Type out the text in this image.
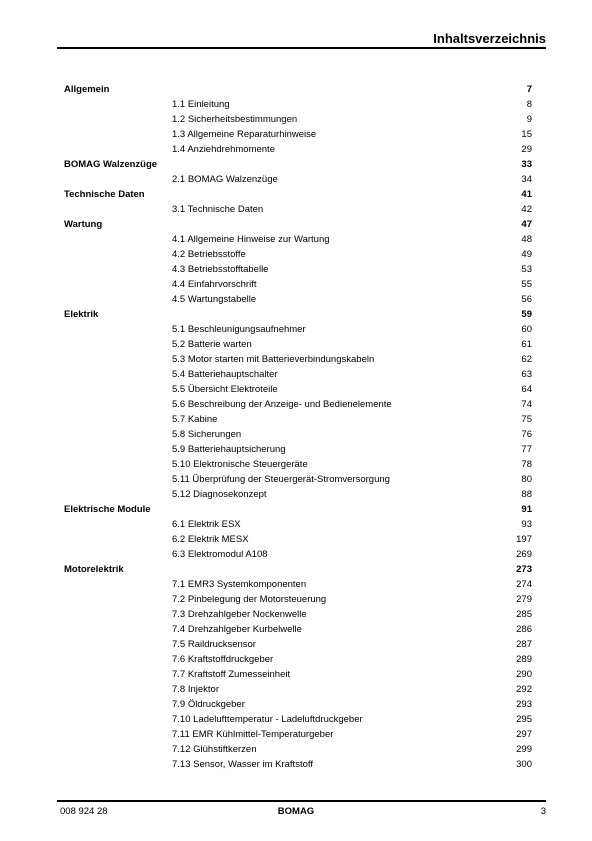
Inhaltsverzeichnis
Allgemein	7
1.1 Einleitung	8
1.2 Sicherheitsbestimmungen	9
1.3 Allgemeine Reparaturhinweise	15
1.4 Anziehdrehmomente	29
BOMAG Walzenzüge	33
2.1 BOMAG Walzenzüge	34
Technische Daten	41
3.1 Technische Daten	42
Wartung	47
4.1 Allgemeine Hinweise zur Wartung	48
4.2 Betriebsstoffe	49
4.3 Betriebsstofftabelle	53
4.4 Einfahrvorschrift	55
4.5 Wartungstabelle	56
Elektrik	59
5.1 Beschleunigungsaufnehmer	60
5.2 Batterie warten	61
5.3 Motor starten mit Batterieverbindungskabeln	62
5.4 Batteriehauptschalter	63
5.5 Übersicht Elektroteile	64
5.6 Beschreibung der Anzeige- und Bedienelemente	74
5.7 Kabine	75
5.8 Sicherungen	76
5.9 Batteriehauptsicherung	77
5.10 Elektronische Steuergeräte	78
5.11 Überprüfung der Steuergerät-Stromversorgung	80
5.12 Diagnosekonzept	88
Elektrische Module	91
6.1 Elektrik ESX	93
6.2 Elektrik MESX	197
6.3 Elektromodul A108	269
Motorelektrik	273
7.1 EMR3 Systemkomponenten	274
7.2 Pinbelegung der Motorsteuerung	279
7.3 Drehzahlgeber Nockenwelle	285
7.4 Drehzahlgeber Kurbelwelle	286
7.5 Raildrucksensor	287
7.6 Kraftstoffdruckgeber	289
7.7 Kraftstoff Zumesseinheit	290
7.8 Injektor	292
7.9 Öldruckgeber	293
7.10 Ladelufttemperatur - Ladeluftdruckgeber	295
7.11 EMR Kühlmittel-Temperaturgeber	297
7.12 Glühstiftkerzen	299
7.13 Sensor, Wasser im Kraftstoff	300
008 924 28	BOMAG	3
